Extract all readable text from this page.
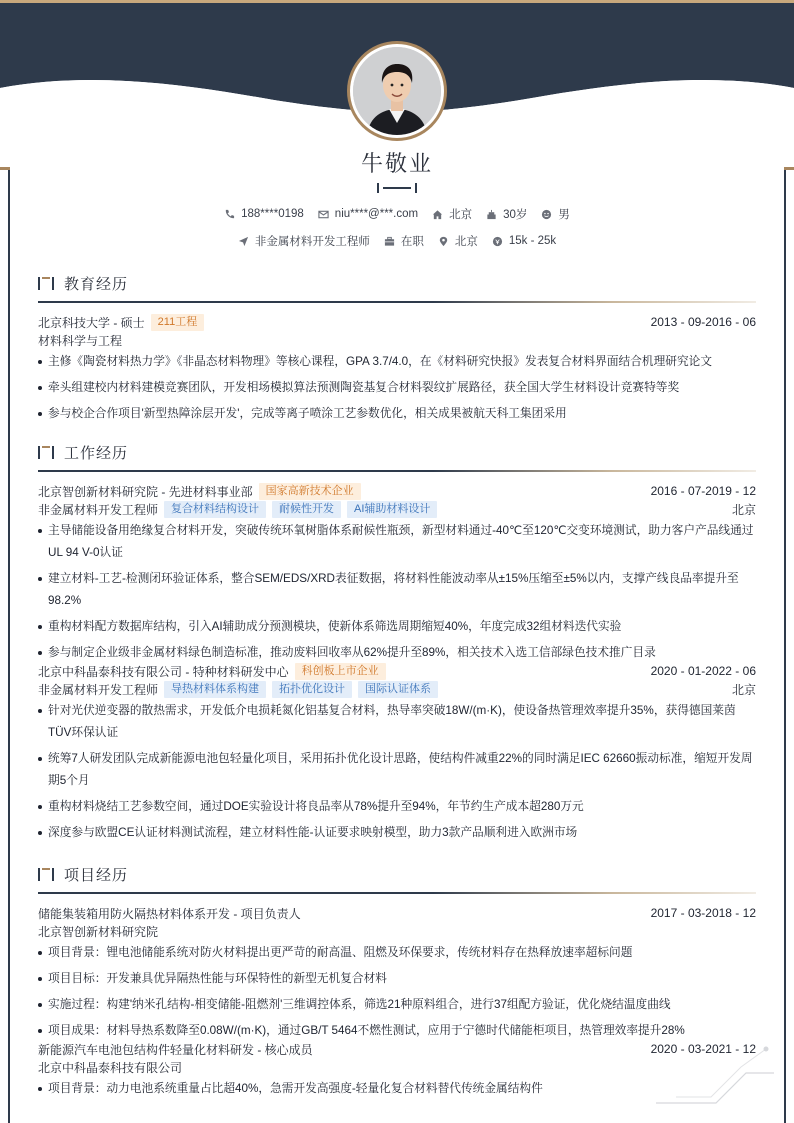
牛敬业
188****0198	niu****@***.com	北京	30岁	男
非金属材料开发工程师	在职	北京	15k - 25k
教育经历
北京科技大学 - 硕士	211工程	2013 - 09-2016 - 06
材料科学与工程
主修《陶瓷材料热力学》《非晶态材料物理》等核心课程，GPA 3.7/4.0，在《材料研究快报》发表复合材料界面结合机理研究论文
牵头组建校内材料建模竞赛团队，开发相场模拟算法预测陶瓷基复合材料裂纹扩展路径，获全国大学生材料设计竞赛特等奖
参与校企合作项目'新型热障涂层开发'，完成等离子喷涂工艺参数优化，相关成果被航天科工集团采用
工作经历
北京智创新材料研究院 - 先进材料事业部	国家高新技术企业	2016 - 07-2019 - 12
非金属材料开发工程师	复合材料结构设计	耐候性开发	AI辅助材料设计	北京
主导储能设备用绝缘复合材料开发，突破传统环氧树脂体系耐候性瓶颈，新型材料通过-40℃至120℃交变环境测试，助力客户产品线通过UL 94 V-0认证
建立材料-工艺-检测闭环验证体系，整合SEM/EDS/XRD表征数据，将材料性能波动率从±15%压缩至±5%以内，支撑产线良品率提升至98.2%
重构材料配方数据库结构，引入AI辅助成分预测模块，使新体系筛选周期缩短40%，年度完成32组材料迭代实验
参与制定企业级非金属材料绿色制造标准，推动废料回收率从62%提升至89%，相关技术入选工信部绿色技术推广目录
北京中科晶泰科技有限公司 - 特种材料研发中心	科创板上市企业	2020 - 01-2022 - 06
非金属材料开发工程师	导热材料体系构建	拓扑优化设计	国际认证体系	北京
针对光伏逆变器的散热需求，开发低介电损耗氮化铝基复合材料，热导率突破18W/(m·K)，使设备热管理效率提升35%，获得德国莱茵TÜV环保认证
统筹7人研发团队完成新能源电池包轻量化项目，采用拓扑优化设计思路，使结构件减重22%的同时满足IEC 62660振动标准，缩短开发周期5个月
重构材料烧结工艺参数空间，通过DOE实验设计将良品率从78%提升至94%，年节约生产成本超280万元
深度参与欧盟CE认证材料测试流程，建立材料性能-认证要求映射模型，助力3款产品顺利进入欧洲市场
项目经历
储能集装箱用防火隔热材料体系开发 - 项目负责人	2017 - 03-2018 - 12
北京智创新材料研究院
项目背景：锂电池储能系统对防火材料提出更严苛的耐高温、阻燃及环保要求，传统材料存在热释放速率超标问题
项目目标：开发兼具优异隔热性能与环保特性的新型无机复合材料
实施过程：构建'纳米孔结构-相变储能-阻燃剂'三维调控体系，筛选21种原料组合，进行37组配方验证，优化烧结温度曲线
项目成果：材料导热系数降至0.08W/(m·K)，通过GB/T 5464不燃性测试，应用于宁德时代储能柜项目，热管理效率提升28%
新能源汽车电池包结构件轻量化材料研发 - 核心成员	2020 - 03-2021 - 12
北京中科晶泰科技有限公司
项目背景：动力电池系统重量占比超40%，急需开发高强度-轻量化复合材料替代传统金属结构件
